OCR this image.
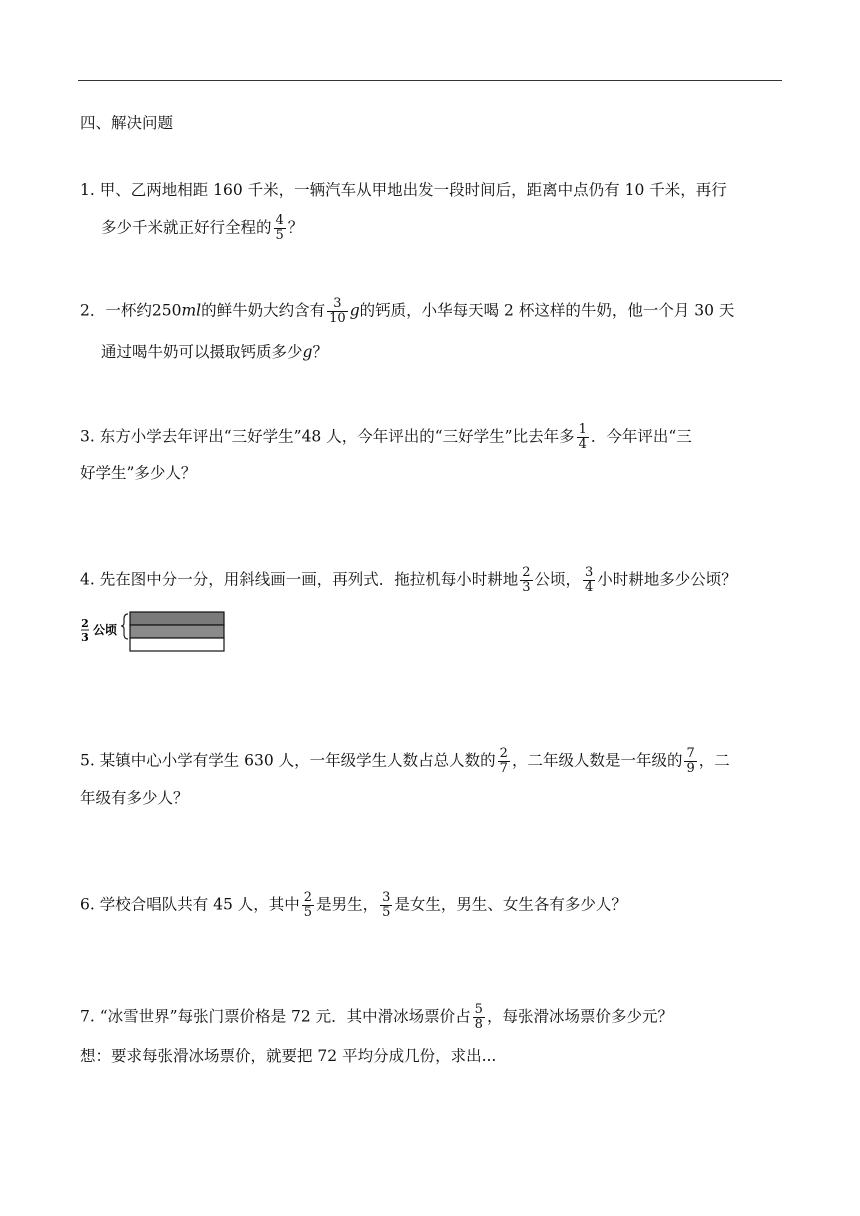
四、解决问题
1. 甲、乙两地相距 160 千米，一辆汽车从甲地出发一段时间后，距离中点仍有 10 千米，再行
多少千米就正好行全程的 $\frac{4}{5}$ ？
2．一杯约250ml的鲜牛奶大约含有 $\frac{3}{10}$ g的钙质，小华每天喝 2 杯这样的牛奶，他一个月 30 天
通过喝牛奶可以摄取钙质多少g？
3. 东方小学去年评出“三好学生”48 人，今年评出的“三好学生”比去年多 $\frac{1}{4}$ ．今年评出“三
好学生”多少人？
4. 先在图中分一分，用斜线画一画，再列式．拖拉机每小时耕地 $\frac{2}{3}$ 公顷， $\frac{3}{4}$ 小时耕地多少公顷？
2
3
公顷
5. 某镇中心小学有学生 630 人，一年级学生人数占总人数的 $\frac{2}{7}$ ，二年级人数是一年级的 $\frac{7}{9}$ ，二
年级有多少人？
6. 学校合唱队共有 45 人，其中 $\frac{2}{5}$ 是男生， $\frac{3}{5}$ 是女生，男生、女生各有多少人？
7. “冰雪世界”每张门票价格是 72 元．其中滑冰场票价占 $\frac{5}{8}$ ，每张滑冰场票价多少元？
想：要求每张滑冰场票价，就要把 72 平均分成几份，求出...
